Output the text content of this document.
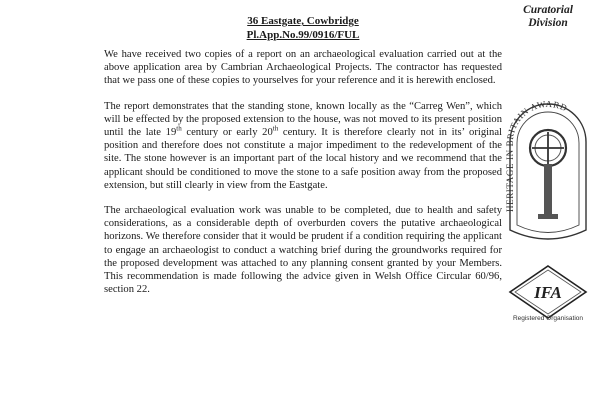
36 Eastgate, Cowbridge
Pl.App.No.99/0916/FUL

We have received two copies of a report on an archaeological evaluation carried out at the above application area by Cambrian Archaeological Projects. The contractor has requested that we pass one of these copies to yourselves for your reference and it is herewith enclosed.

The report demonstrates that the standing stone, known locally as the “Carreg Wen”, which will be effected by the proposed extension to the house, was not moved to its present position until the late 19th century or early 20th century. It is therefore clearly not in its’ original position and therefore does not constitute a major impediment to the redevelopment of the site. The stone however is an important part of the local history and we recommend that the applicant should be conditioned to move the stone to a safe position away from the proposed extension, but still clearly in view from the Eastgate.

The archaeological evaluation work was unable to be completed, due to health and safety considerations, as a considerable depth of overburden covers the putative archaeological horizons. We therefore consider that it would be prudent if a condition requiring the applicant to engage an archaeologist to conduct a watching brief during the groundworks required for the proposed development was attached to any planning consent granted by your Members. This recommendation is made following the advice given in Welsh Office Circular 60/96, section 22.

Curatorial
Division
HERITAGE IN BRITAIN AWARD
IFA
Registered Organisation
